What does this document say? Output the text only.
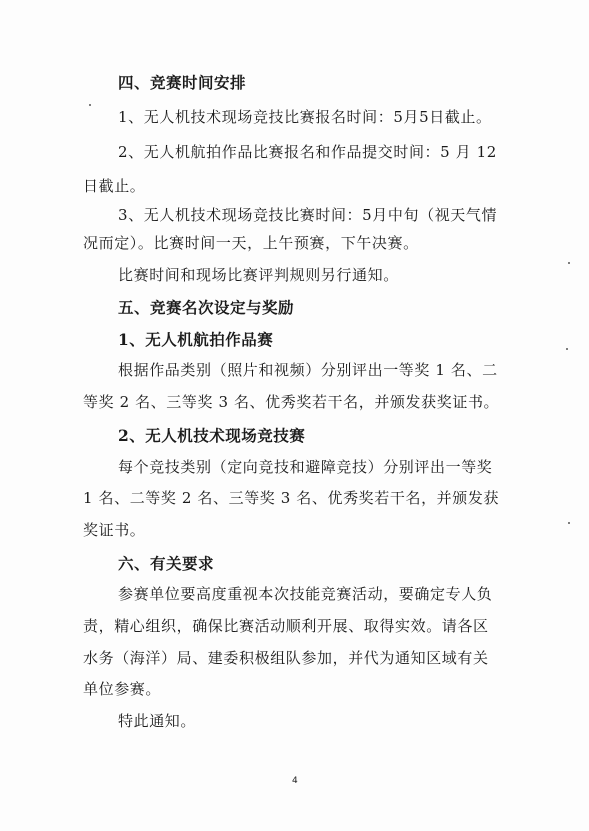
四、竞赛时间安排
1、无人机技术现场竞技比赛报名时间：5月5日截止。
2、无人机航拍作品比赛报名和作品提交时间：5 月 12
日截止。
3、无人机技术现场竞技比赛时间：5月中旬（视天气情
况而定）。比赛时间一天，上午预赛，下午决赛。
比赛时间和现场比赛评判规则另行通知。
五、竞赛名次设定与奖励
1、无人机航拍作品赛
根据作品类别（照片和视频）分别评出一等奖 1 名、二
等奖 2 名、三等奖 3 名、优秀奖若干名，并颁发获奖证书。
2、无人机技术现场竞技赛
每个竞技类别（定向竞技和避障竞技）分别评出一等奖
1 名、二等奖 2 名、三等奖 3 名、优秀奖若干名，并颁发获
奖证书。
六、有关要求
参赛单位要高度重视本次技能竞赛活动，要确定专人负
责，精心组织，确保比赛活动顺利开展、取得实效。请各区
水务（海洋）局、建委积极组队参加，并代为通知区域有关
单位参赛。
特此通知。
4
